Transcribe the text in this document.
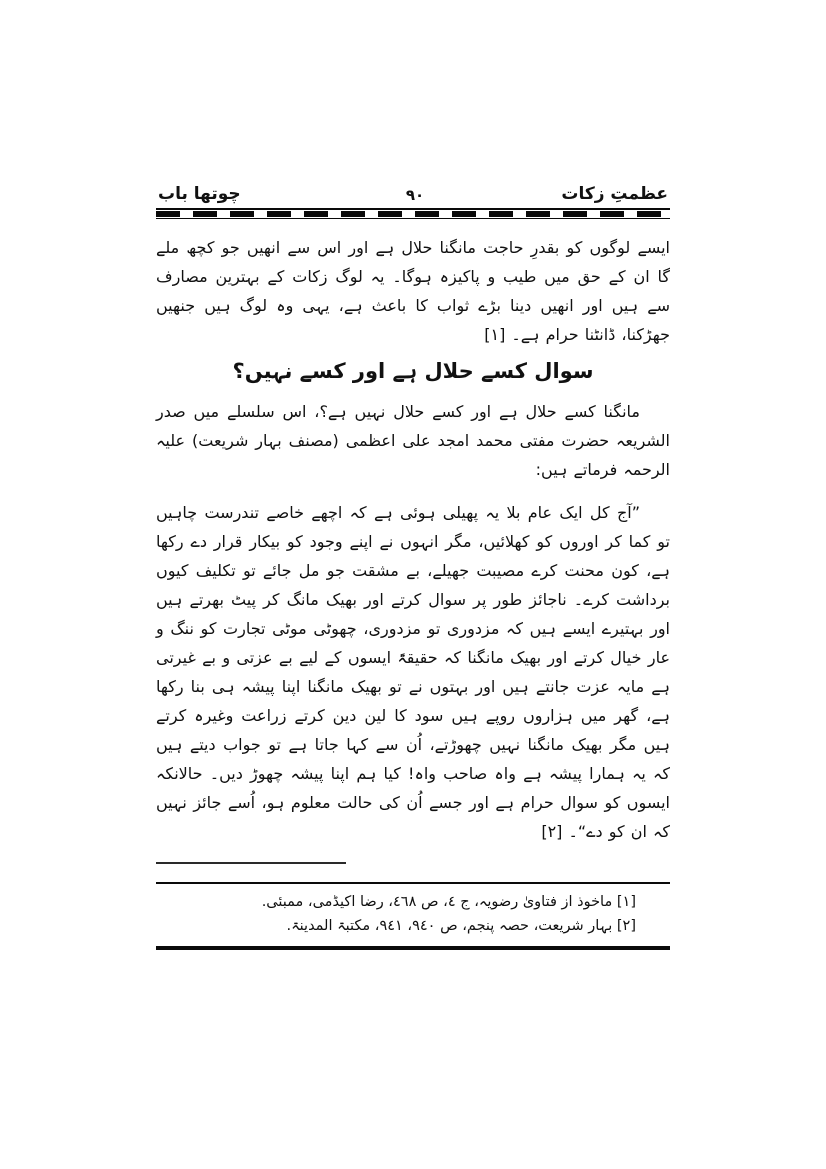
عظمتِ زکات
۹۰
چوتھا باب

ایسے لوگوں کو بقدرِ حاجت مانگنا حلال ہے اور اس سے انھیں جو کچھ ملے گا ان کے حق میں طیب و پاکیزہ ہوگا۔ یہ لوگ زکات کے بہترین مصارف سے ہیں اور انھیں دینا بڑے ثواب کا باعث ہے، یہی وہ لوگ ہیں جنھیں جھڑکنا، ڈانٹنا حرام ہے۔ [۱]

سوال کسے حلال ہے اور کسے نہیں؟

مانگنا کسے حلال ہے اور کسے حلال نہیں ہے؟، اس سلسلے میں صدر الشریعہ حضرت مفتی محمد امجد علی اعظمی (مصنف بہار شریعت) علیہ الرحمہ فرماتے ہیں:

”آج کل ایک عام بلا یہ پھیلی ہوئی ہے کہ اچھے خاصے تندرست چاہیں تو کما کر اوروں کو کھلائیں، مگر انہوں نے اپنے وجود کو بیکار قرار دے رکھا ہے، کون محنت کرے مصیبت جھیلے، بے مشقت جو مل جائے تو تکلیف کیوں برداشت کرے۔ ناجائز طور پر سوال کرتے اور بھیک مانگ کر پیٹ بھرتے ہیں اور بہتیرے ایسے ہیں کہ مزدوری تو مزدوری، چھوٹی موٹی تجارت کو ننگ و عار خیال کرتے اور بھیک مانگنا کہ حقیقۃً ایسوں کے لیے بے عزتی و بے غیرتی ہے مایہ عزت جانتے ہیں اور بہتوں نے تو بھیک مانگنا اپنا پیشہ ہی بنا رکھا ہے، گھر میں ہزاروں روپے ہیں سود کا لین دین کرتے زراعت وغیرہ کرتے ہیں مگر بھیک مانگنا نہیں چھوڑتے، اُن سے کہا جاتا ہے تو جواب دیتے ہیں کہ یہ ہمارا پیشہ ہے واہ صاحب واہ! کیا ہم اپنا پیشہ چھوڑ دیں۔ حالانکہ ایسوں کو سوال حرام ہے اور جسے اُن کی حالت معلوم ہو، اُسے جائز نہیں کہ ان کو دے“۔ [۲]

[۱] ماخوذ از فتاویٰ رضویہ، ج ٤، ص ٤٦٨، رضا اکیڈمی، ممبئی.
[۲] بہار شریعت، حصہ پنجم، ص ٩٤٠، ٩٤١، مکتبۃ المدینۃ.
